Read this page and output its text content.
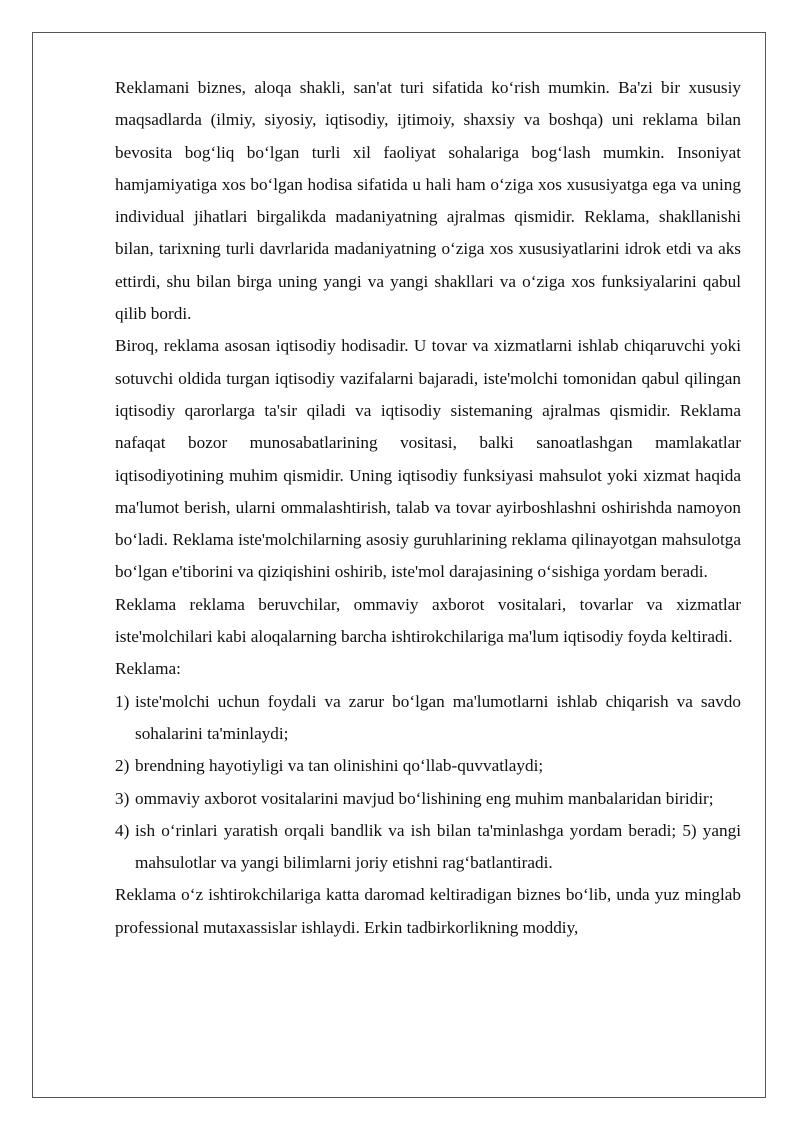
Reklamani biznes, aloqa shakli, san'at turi sifatida ko‘rish mumkin. Ba'zi bir xususiy maqsadlarda (ilmiy, siyosiy, iqtisodiy, ijtimoiy, shaxsiy va boshqa) uni reklama bilan bevosita bog‘liq bo‘lgan turli xil faoliyat sohalariga bog‘lash mumkin. Insoniyat hamjamiyatiga xos bo‘lgan hodisa sifatida u hali ham o‘ziga xos xususiyatga ega va uning individual jihatlari birgalikda madaniyatning ajralmas qismidir. Reklama, shakllanishi bilan, tarixning turli davrlarida madaniyatning o‘ziga xos xususiyatlarini idrok etdi va aks ettirdi, shu bilan birga uning yangi va yangi shakllari va o‘ziga xos funksiyalarini qabul qilib bordi.

Biroq, reklama asosan iqtisodiy hodisadir. U tovar va xizmatlarni ishlab chiqaruvchi yoki sotuvchi oldida turgan iqtisodiy vazifalarni bajaradi, iste'molchi tomonidan qabul qilingan iqtisodiy qarorlarga ta'sir qiladi va iqtisodiy sistemaning ajralmas qismidir. Reklama nafaqat bozor munosabatlarining vositasi, balki sanoatlashgan mamlakatlar iqtisodiyotining muhim qismidir. Uning iqtisodiy funksiyasi mahsulot yoki xizmat haqida ma'lumot berish, ularni ommalashtirish, talab va tovar ayirboshlashni oshirishda namoyon bo‘ladi. Reklama iste'molchilarning asosiy guruhlarining reklama qilinayotgan mahsulotga bo‘lgan e'tiborini va qiziqishini oshirib, iste'mol darajasining o‘sishiga yordam beradi.

Reklama reklama beruvchilar, ommaviy axborot vositalari, tovarlar va xizmatlar iste'molchilari kabi aloqalarning barcha ishtirokchilariga ma'lum iqtisodiy foyda keltiradi.

Reklama:

1) iste'molchi uchun foydali va zarur bo‘lgan ma'lumotlarni ishlab chiqarish va savdo sohalarini ta'minlaydi;
2) brendning hayotiyligi va tan olinishini qo‘llab-quvvatlaydi;
3) ommaviy axborot vositalarini mavjud bo‘lishining eng muhim manbalaridan biridir;
4) ish o‘rinlari yaratish orqali bandlik va ish bilan ta'minlashga yordam beradi; 5) yangi mahsulotlar va yangi bilimlarni joriy etishni rag‘batlantiradi.

Reklama o‘z ishtirokchilariga katta daromad keltiradigan biznes bo‘lib, unda yuz minglab professional mutaxassislar ishlaydi. Erkin tadbirkorlikning moddiy,
